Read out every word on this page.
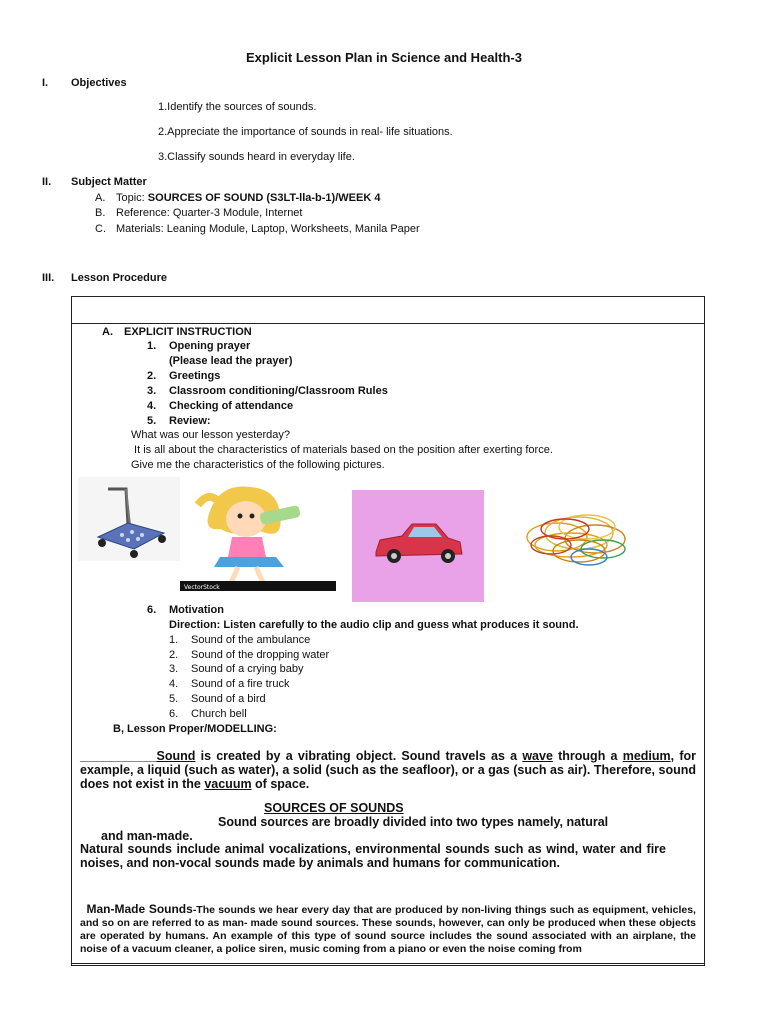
Explicit Lesson Plan in Science and Health-3
I. Objectives
1.Identify the sources of sounds.
2.Appreciate the importance of sounds in real- life situations.
3.Classify sounds heard in everyday life.
II. Subject Matter
A. Topic: SOURCES OF SOUND (S3LT-lla-b-1)/WEEK 4
B. Reference: Quarter-3 Module, Internet
C. Materials: Leaning Module, Laptop, Worksheets, Manila Paper
III. Lesson Procedure
A. EXPLICIT INSTRUCTION
1. Opening prayer
(Please lead the prayer)
2. Greetings
3. Classroom conditioning/Classroom Rules
4. Checking of attendance
5. Review:
What was our lesson yesterday?
It is all about the characteristics of materials based on the position after exerting force.
Give me the characteristics of the following pictures.
VectorStock
6. Motivation
Direction: Listen carefully to the audio clip and guess what produces it sound.
1. Sound of the ambulance
2. Sound of the dropping water
3. Sound of a crying baby
4. Sound of a fire truck
5. Sound of a bird
6. Church bell
B, Lesson Proper/MODELLING:
___________Sound is created by a vibrating object. Sound travels as a wave through a medium, for example, a liquid (such as water), a solid (such as the seafloor), or a gas (such as air). Therefore, sound does not exist in the vacuum of space.
SOURCES OF SOUNDS
Sound sources are broadly divided into two types namely, natural
and man-made.
Natural sounds include animal vocalizations, environmental sounds such as wind, water and fire noises, and non-vocal sounds made by animals and humans for communication.
Man-Made Sounds-The sounds we hear every day that are produced by non-living things such as equipment, vehicles, and so on are referred to as man- made sound sources. These sounds, however, can only be produced when these objects are operated by humans. An example of this type of sound source includes the sound associated with an airplane, the noise of a vacuum cleaner, a police siren, music coming from a piano or even the noise coming from
